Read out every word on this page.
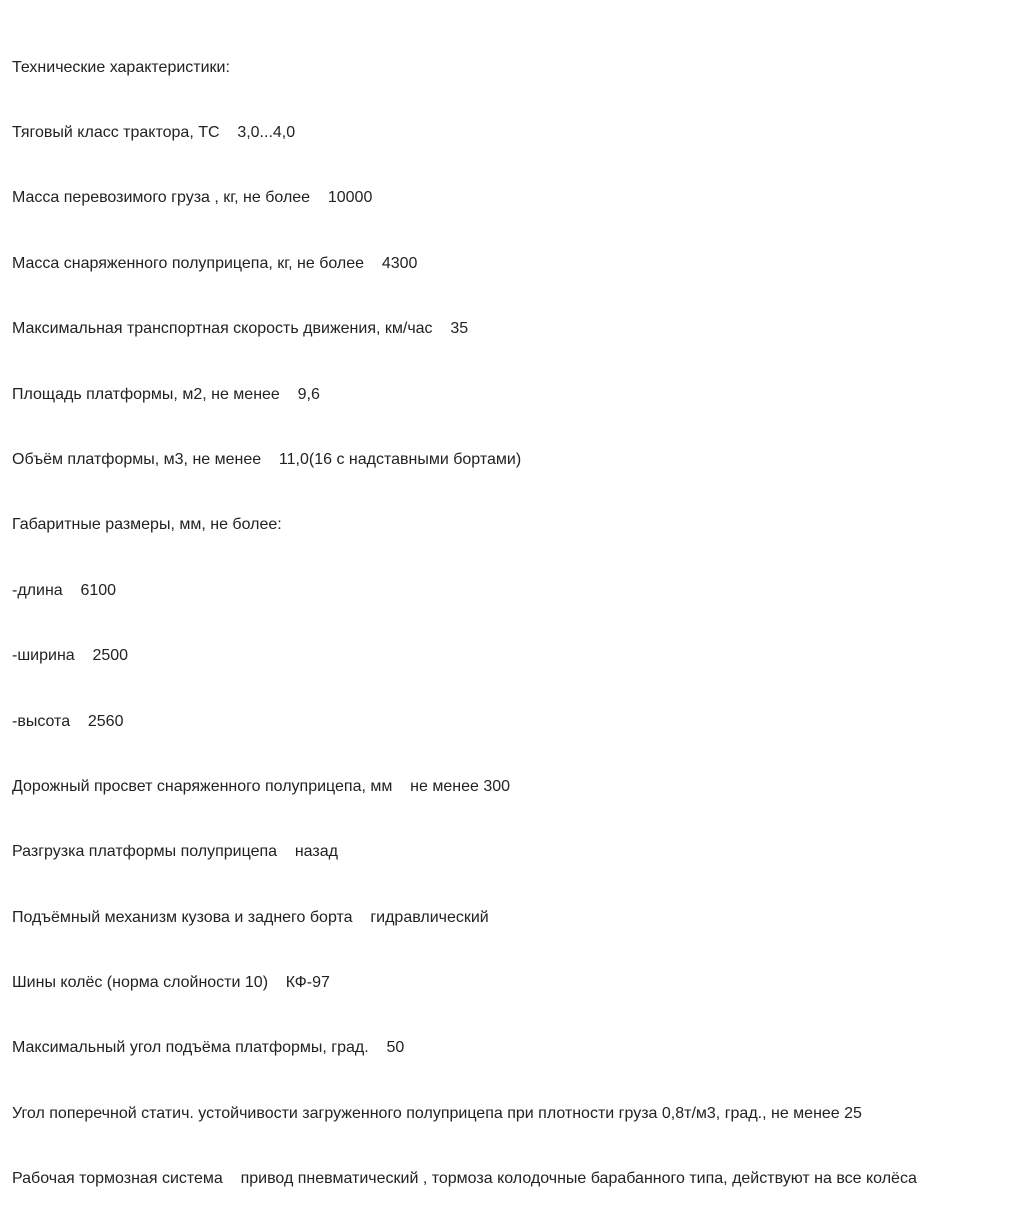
Технические характеристики:

Тяговый класс трактора, ТС    3,0...4,0

Масса перевозимого груза , кг, не более    10000

Масса снаряженного полуприцепа, кг, не более    4300

Максимальная транспортная скорость движения, км/час    35

Площадь платформы, м2, не менее    9,6

Объём платформы, м3, не менее    11,0(16 с надставными бортами)

Габаритные размеры, мм, не более:

-длина    6100

-ширина    2500

-высота    2560

Дорожный просвет снаряженного полуприцепа, мм    не менее 300

Разгрузка платформы полуприцепа    назад

Подъёмный механизм кузова и заднего борта    гидравлический

Шины колёс (норма слойности 10)    КФ-97

Максимальный угол подъёма платформы, град.    50

Угол поперечной статич. устойчивости загруженного полуприцепа при плотности груза 0,8т/м3, град., не менее 25

Рабочая тормозная система    привод пневматический , тормоза колодочные барабанного типа, действуют на все колёса
